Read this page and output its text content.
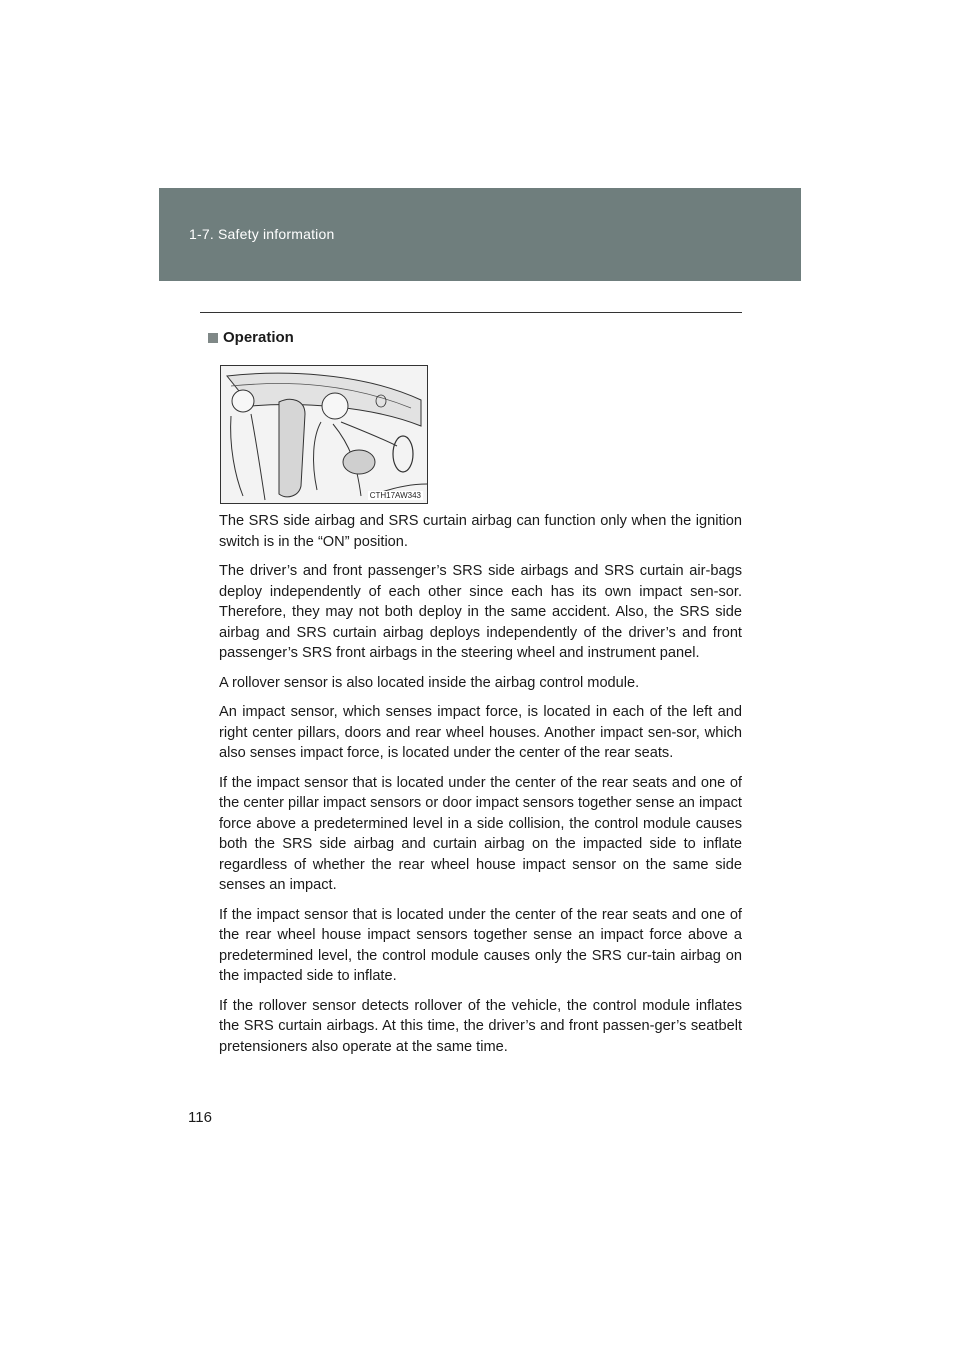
1-7. Safety information
Operation
CTH17AW343

The SRS side airbag and SRS curtain airbag can function only when the ignition switch is in the “ON” position.

The driver’s and front passenger’s SRS side airbags and SRS curtain air-bags deploy independently of each other since each has its own impact sen-sor. Therefore, they may not both deploy in the same accident. Also, the SRS side airbag and SRS curtain airbag deploys independently of the driver’s and front passenger’s SRS front airbags in the steering wheel and instrument panel.

A rollover sensor is also located inside the airbag control module.

An impact sensor, which senses impact force, is located in each of the left and right center pillars, doors and rear wheel houses. Another impact sen-sor, which also senses impact force, is located under the center of the rear seats.

If the impact sensor that is located under the center of the rear seats and one of the center pillar impact sensors or door impact sensors together sense an impact force above a predetermined level in a side collision, the control module causes both the SRS side airbag and curtain airbag on the impacted side to inflate regardless of whether the rear wheel house impact sensor on the same side senses an impact.

If the impact sensor that is located under the center of the rear seats and one of the rear wheel house impact sensors together sense an impact force above a predetermined level, the control module causes only the SRS cur-tain airbag on the impacted side to inflate.

If the rollover sensor detects rollover of the vehicle, the control module inflates the SRS curtain airbags. At this time, the driver’s and front passen-ger’s seatbelt pretensioners also operate at the same time.

116
